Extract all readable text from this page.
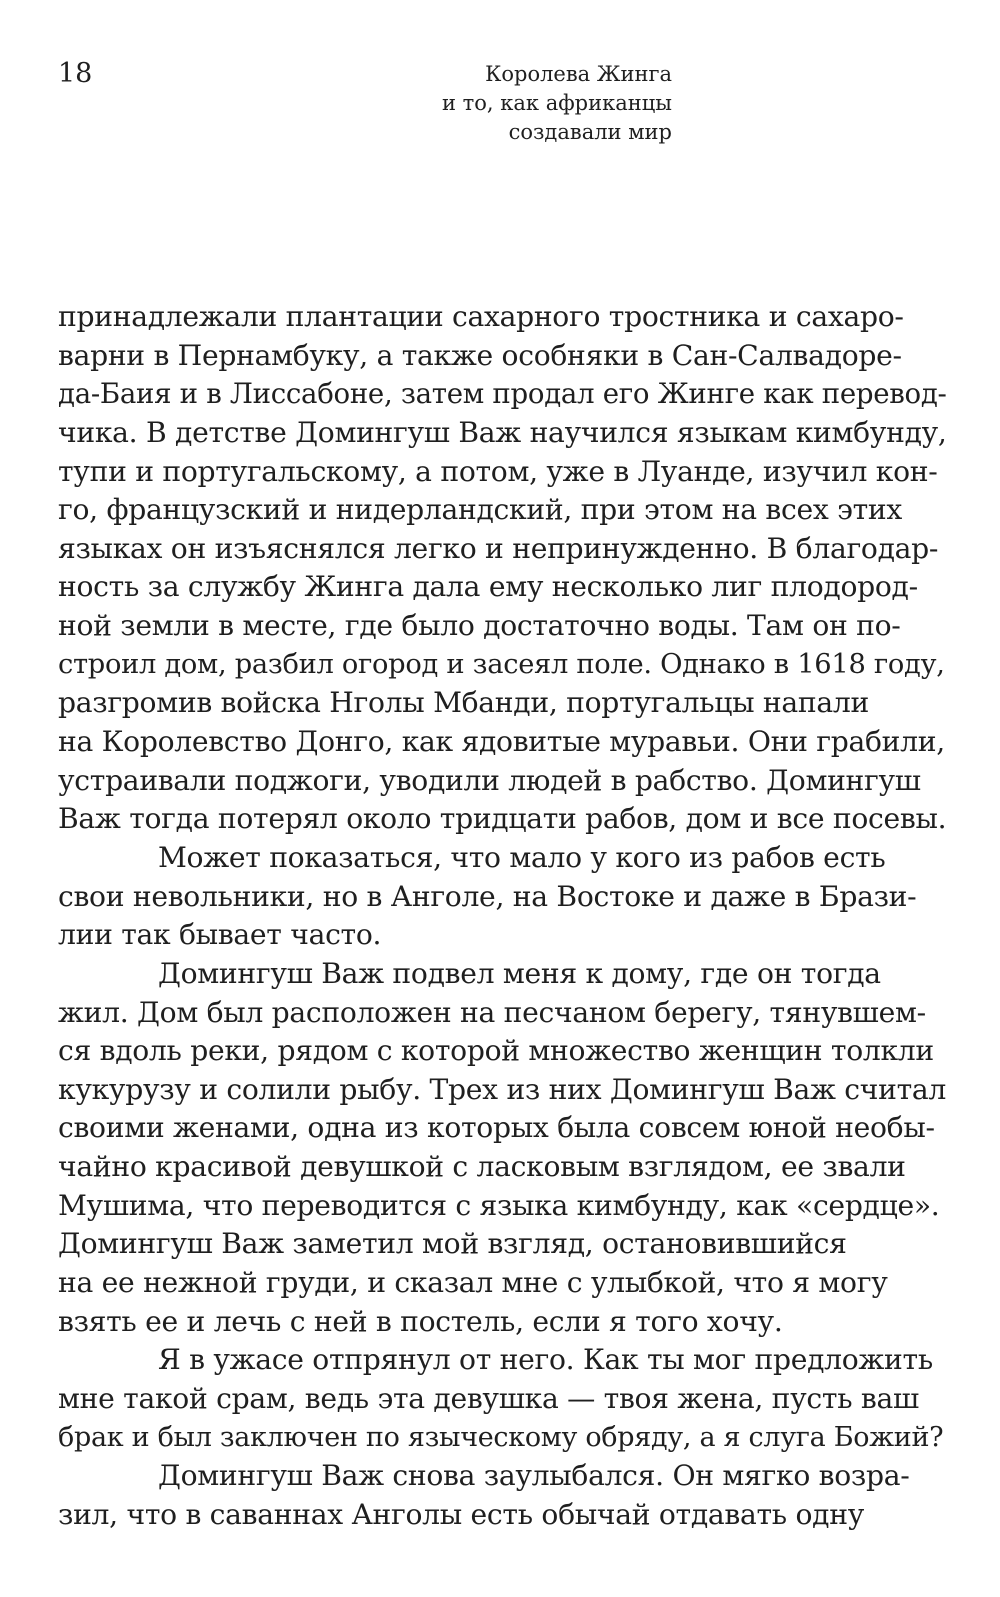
18	Королева Жинга
и то, как африканцы
создавали мир
принадлежали плантации сахарного тростника и сахаро-
варни в Пернамбуку, а также особняки в Сан-Салвадоре-
да-Баия и в Лиссабоне, затем продал его Жинге как перевод-
чика. В детстве Домингуш Важ научился языкам кимбунду,
тупи и португальскому, а потом, уже в Луанде, изучил кон-
го, французский и нидерландский, при этом на всех этих
языках он изъяснялся легко и непринужденно. В благодар-
ность за службу Жинга дала ему несколько лиг плодород-
ной земли в месте, где было достаточно воды. Там он по-
строил дом, разбил огород и засеял поле. Однако в 1618 году,
разгромив войска Нголы Мбанди, португальцы напали
на Королевство Донго, как ядовитые муравьи. Они грабили,
устраивали поджоги, уводили людей в рабство. Домингуш
Важ тогда потерял около тридцати рабов, дом и все посевы.
Может показаться, что мало у кого из рабов есть
свои невольники, но в Анголе, на Востоке и даже в Брази-
лии так бывает часто.
Домингуш Важ подвел меня к дому, где он тогда
жил. Дом был расположен на песчаном берегу, тянувшем-
ся вдоль реки, рядом с которой множество женщин толкли
кукурузу и солили рыбу. Трех из них Домингуш Важ считал
своими женами, одна из которых была совсем юной необы-
чайно красивой девушкой с ласковым взглядом, ее звали
Мушима, что переводится с языка кимбунду, как «сердце».
Домингуш Важ заметил мой взгляд, остановившийся
на ее нежной груди, и сказал мне с улыбкой, что я могу
взять ее и лечь с ней в постель, если я того хочу.
Я в ужасе отпрянул от него. Как ты мог предложить
мне такой срам, ведь эта девушка — твоя жена, пусть ваш
брак и был заключен по языческому обряду, а я слуга Божий?
Домингуш Важ снова заулыбался. Он мягко возра-
зил, что в саваннах Анголы есть обычай отдавать одну
